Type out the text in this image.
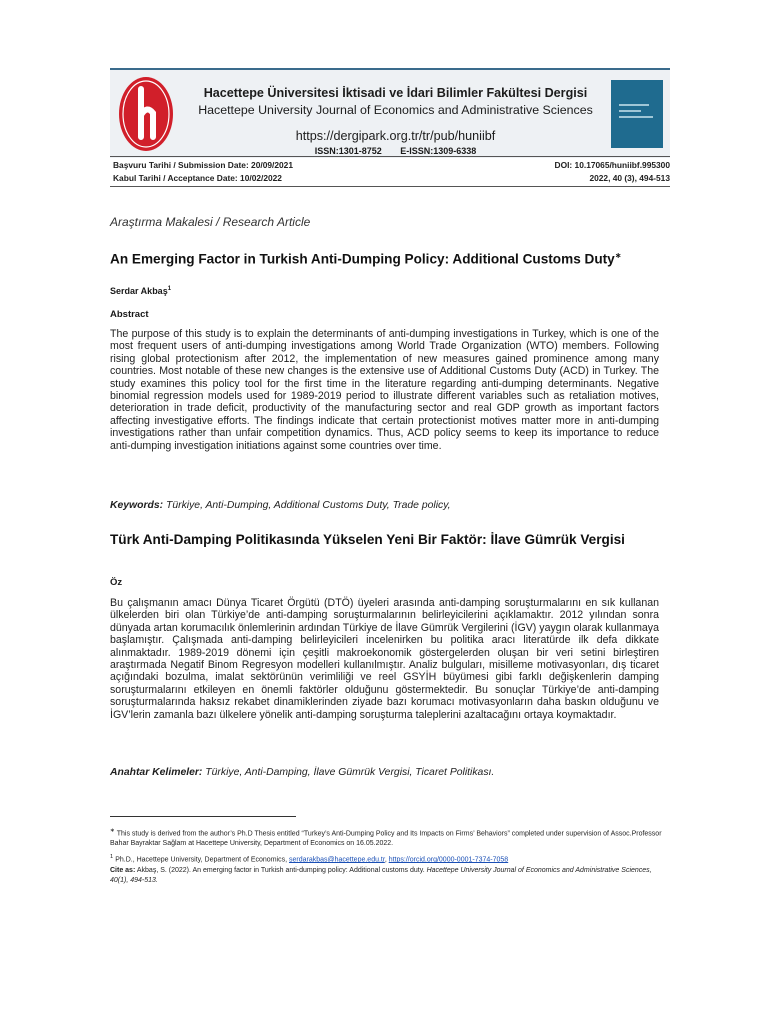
Hacettepe Üniversitesi İktisadi ve İdari Bilimler Fakültesi Dergisi
Hacettepe University Journal of Economics and Administrative Sciences
https://dergipark.org.tr/tr/pub/huniibf
ISSN:1301-8752 E-ISSN:1309-6338
Başvuru Tarihi / Submission Date: 20/09/2021
Kabul Tarihi / Acceptance Date: 10/02/2022
DOI: 10.17065/huniibf.995300
2022, 40 (3), 494-513
Araştırma Makalesi / Research Article
An Emerging Factor in Turkish Anti-Dumping Policy: Additional Customs Duty∗
Serdar Akbaş$^1$
Abstract
The purpose of this study is to explain the determinants of anti-dumping investigations in Turkey, which is one of the most frequent users of anti-dumping investigations among World Trade Organization (WTO) members. Following rising global protectionism after 2012, the implementation of new measures gained prominence among many countries. Most notable of these new changes is the extensive use of Additional Customs Duty (ACD) in Turkey. The study examines this policy tool for the first time in the literature regarding anti-dumping determinants. Negative binomial regression models used for 1989-2019 period to illustrate different variables such as retaliation motives, deterioration in trade deficit, productivity of the manufacturing sector and real GDP growth as important factors affecting investigative efforts. The findings indicate that certain protectionist motives matter more in anti-dumping investigations rather than unfair competition dynamics. Thus, ACD policy seems to keep its importance to reduce anti-dumping investigation initiations against some countries over time.
Keywords: Türkiye, Anti-Dumping, Additional Customs Duty, Trade policy,
Türk Anti-Damping Politikasında Yükselen Yeni Bir Faktör: İlave Gümrük Vergisi
Öz
Bu çalışmanın amacı Dünya Ticaret Örgütü (DTÖ) üyeleri arasında anti-damping soruşturmalarını en sık kullanan ülkelerden biri olan Türkiye’de anti-damping soruşturmalarının belirleyicilerini açıklamaktır. 2012 yılından sonra dünyada artan korumacılık önlemlerinin ardından Türkiye de İlave Gümrük Vergilerini (İGV) yaygın olarak kullanmaya başlamıştır. Çalışmada anti-damping belirleyicileri incelenirken bu politika aracı literatürde ilk defa dikkate alınmaktadır. 1989-2019 dönemi için çeşitli makroekonomik göstergelerden oluşan bir veri setini birleştiren araştırmada Negatif Binom Regresyon modelleri kullanılmıştır. Analiz bulguları, misilleme motivasyonları, dış ticaret açığındaki bozulma, imalat sektörünün verimliliği ve reel GSYİH büyümesi gibi farklı değişkenlerin damping soruşturmalarını etkileyen en önemli faktörler olduğunu göstermektedir. Bu sonuçlar Türkiye’de anti-damping soruşturmalarında haksız rekabet dinamiklerinden ziyade bazı korumacı motivasyonların daha baskın olduğunu ve İGV’lerin zamanla bazı ülkelere yönelik anti-damping soruşturma taleplerini azaltacağını ortaya koymaktadır.
Anahtar Kelimeler: Türkiye, Anti-Damping, İlave Gümrük Vergisi, Ticaret Politikası.
∗ This study is derived from the author’s Ph.D Thesis entitled “Turkey’s Anti-Dumping Policy and Its Impacts on Firms’ Behaviors” completed under supervision of Assoc.Professor Bahar Bayraktar Sağlam at Hacettepe University, Department of Economics on 16.05.2022.
$^1$ Ph.D., Hacettepe University, Department of Economics, serdarakbas@hacettepe.edu.tr, https://orcid.org/0000-0001-7374-7058
Cite as: Akbaş, S. (2022). An emerging factor in Turkish anti-dumping policy: Additional customs duty. Hacettepe University Journal of Economics and Administrative Sciences, 40(1), 494-513.
